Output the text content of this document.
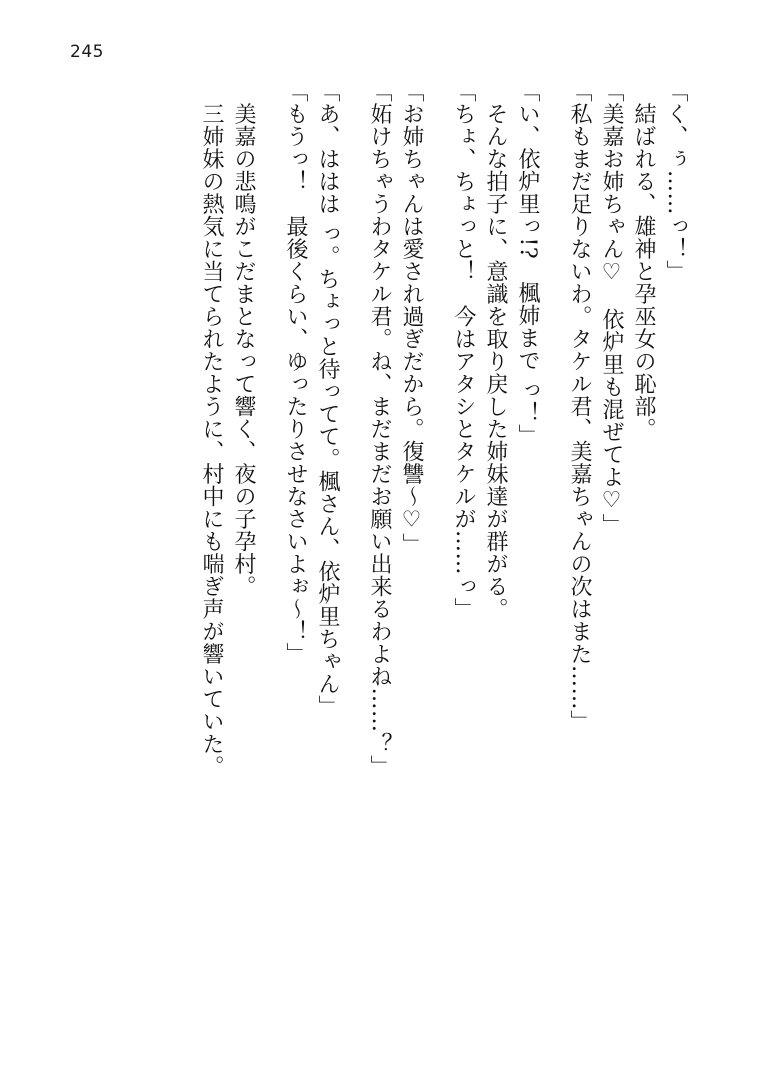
245
「く、ぅ……っ！」
　結ばれる、雄神と孕巫女の恥部。
「美嘉お姉ちゃん♡　依炉里も混ぜてよ♡」
「私もまだ足りないわ。タケル君、美嘉ちゃんの次はまた……」
「い、依炉里っ!?　楓姉まで っ！」
　そんな拍子に、意識を取り戻した姉妹達が群がる。
「ちょ、ちょっと！　今はアタシとタケルが……っ」
「お姉ちゃんは愛され過ぎだから。復讐～♡」
「妬けちゃうわタケル君。ね、まだまだお願い出来るわよね……？」
「あ、ははは っ。ちょっと待ってて。楓さん、依炉里ちゃん」
「もうっ！　最後くらい、ゆったりさせなさいよぉ～！」
　美嘉の悲鳴がこだまとなって響く、夜の子孕村。
　三姉妹の熱気に当てられたように、村中にも喘ぎ声が響いていた。
